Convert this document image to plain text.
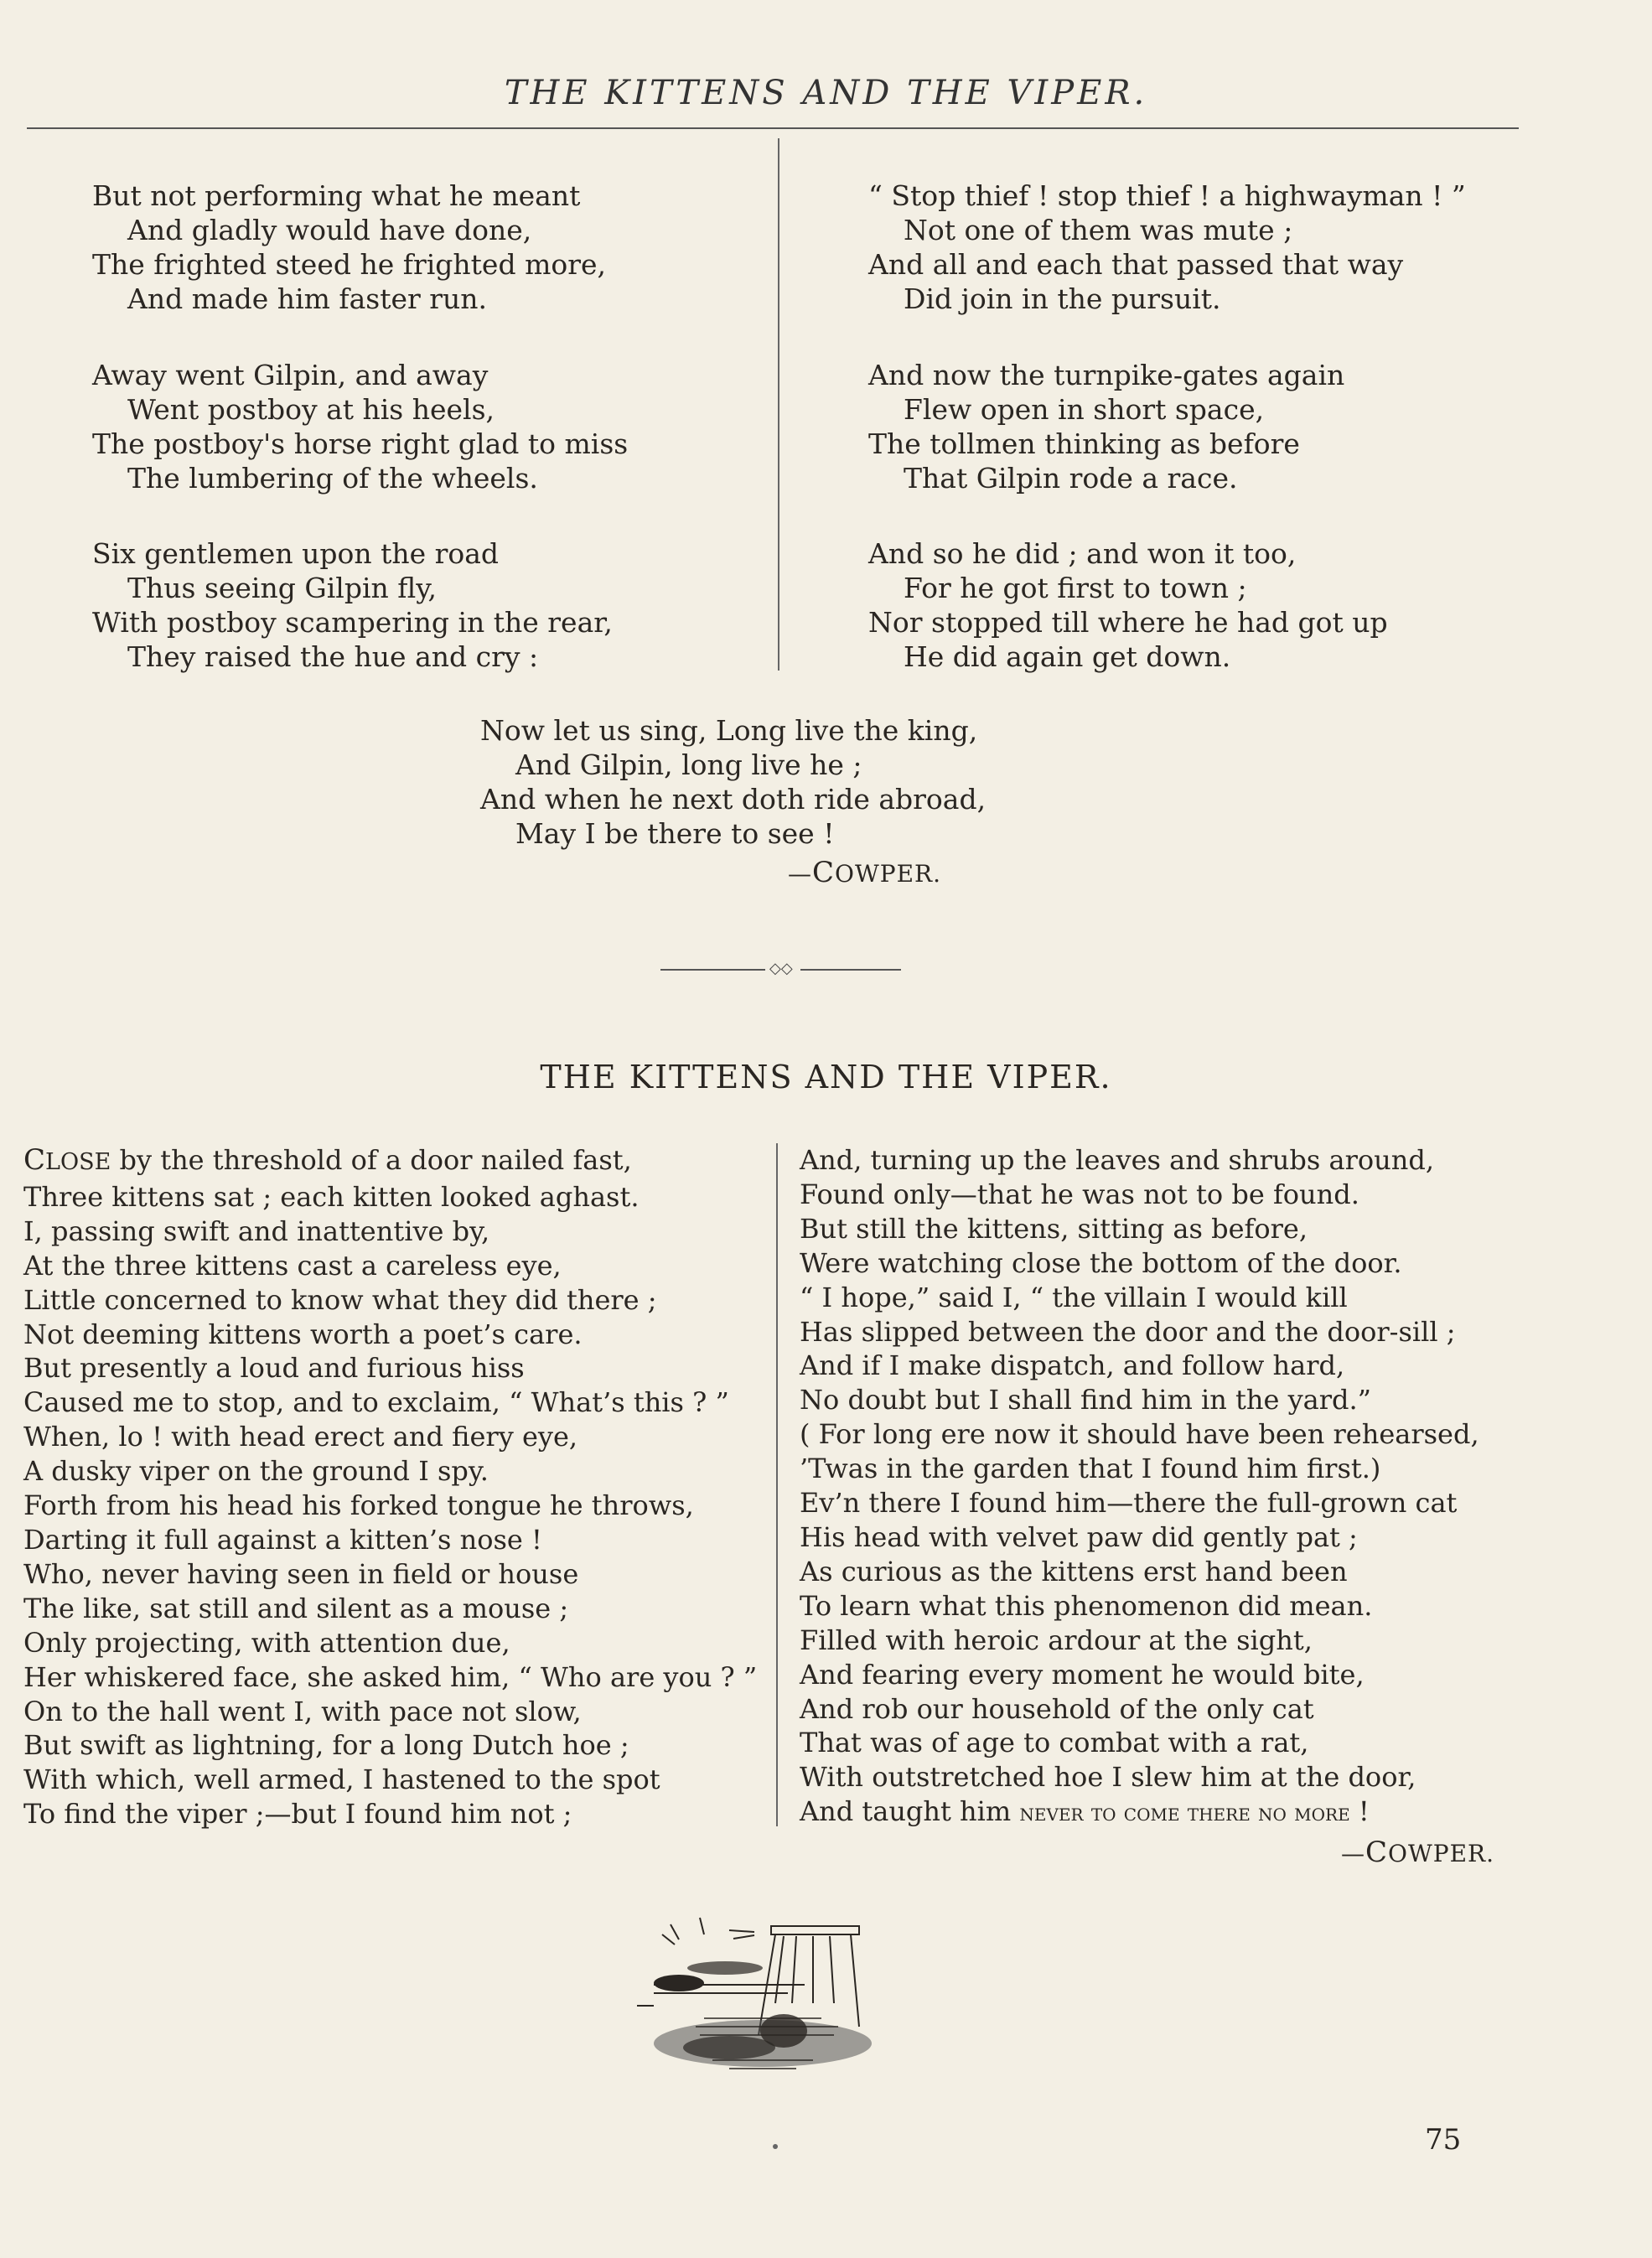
THE KITTENS AND THE VIPER.
But not performing what he meant
And gladly would have done,
The frighted steed he frighted more,
And made him faster run.
Away went Gilpin, and away
Went postboy at his heels,
The postboy's horse right glad to miss
The lumbering of the wheels.
Six gentlemen upon the road
Thus seeing Gilpin fly,
With postboy scampering in the rear,
They raised the hue and cry :
“ Stop thief ! stop thief ! a highwayman ! ”
Not one of them was mute ;
And all and each that passed that way
Did join in the pursuit.
And now the turnpike-gates again
Flew open in short space,
The tollmen thinking as before
That Gilpin rode a race.
And so he did ; and won it too,
For he got first to town ;
Nor stopped till where he had got up
He did again get down.
Now let us sing, Long live the king,
And Gilpin, long live he ;
And when he next doth ride abroad,
May I be there to see !
—COWPER.
◇◇
THE KITTENS AND THE VIPER.
CLOSE by the threshold of a door nailed fast,
Three kittens sat ; each kitten looked aghast.
I, passing swift and inattentive by,
At the three kittens cast a careless eye,
Little concerned to know what they did there ;
Not deeming kittens worth a poet’s care.
But presently a loud and furious hiss
Caused me to stop, and to exclaim, “ What’s this ? ”
When, lo ! with head erect and fiery eye,
A dusky viper on the ground I spy.
Forth from his head his forked tongue he throws,
Darting it full against a kitten’s nose !
Who, never having seen in field or house
The like, sat still and silent as a mouse ;
Only projecting, with attention due,
Her whiskered face, she asked him, “ Who are you ? ”
On to the hall went I, with pace not slow,
But swift as lightning, for a long Dutch hoe ;
With which, well armed, I hastened to the spot
To find the viper ;—but I found him not ;
And, turning up the leaves and shrubs around,
Found only—that he was not to be found.
But still the kittens, sitting as before,
Were watching close the bottom of the door.
“ I hope,” said I, “ the villain I would kill
Has slipped between the door and the door-sill ;
And if I make dispatch, and follow hard,
No doubt but I shall find him in the yard.”
( For long ere now it should have been rehearsed,
’Twas in the garden that I found him first.)
Ev’n there I found him—there the full-grown cat
His head with velvet paw did gently pat ;
As curious as the kittens erst hand been
To learn what this phenomenon did mean.
Filled with heroic ardour at the sight,
And fearing every moment he would bite,
And rob our household of the only cat
That was of age to combat with a rat,
With outstretched hoe I slew him at the door,
And taught him never to come there no more !
—COWPER.
75
